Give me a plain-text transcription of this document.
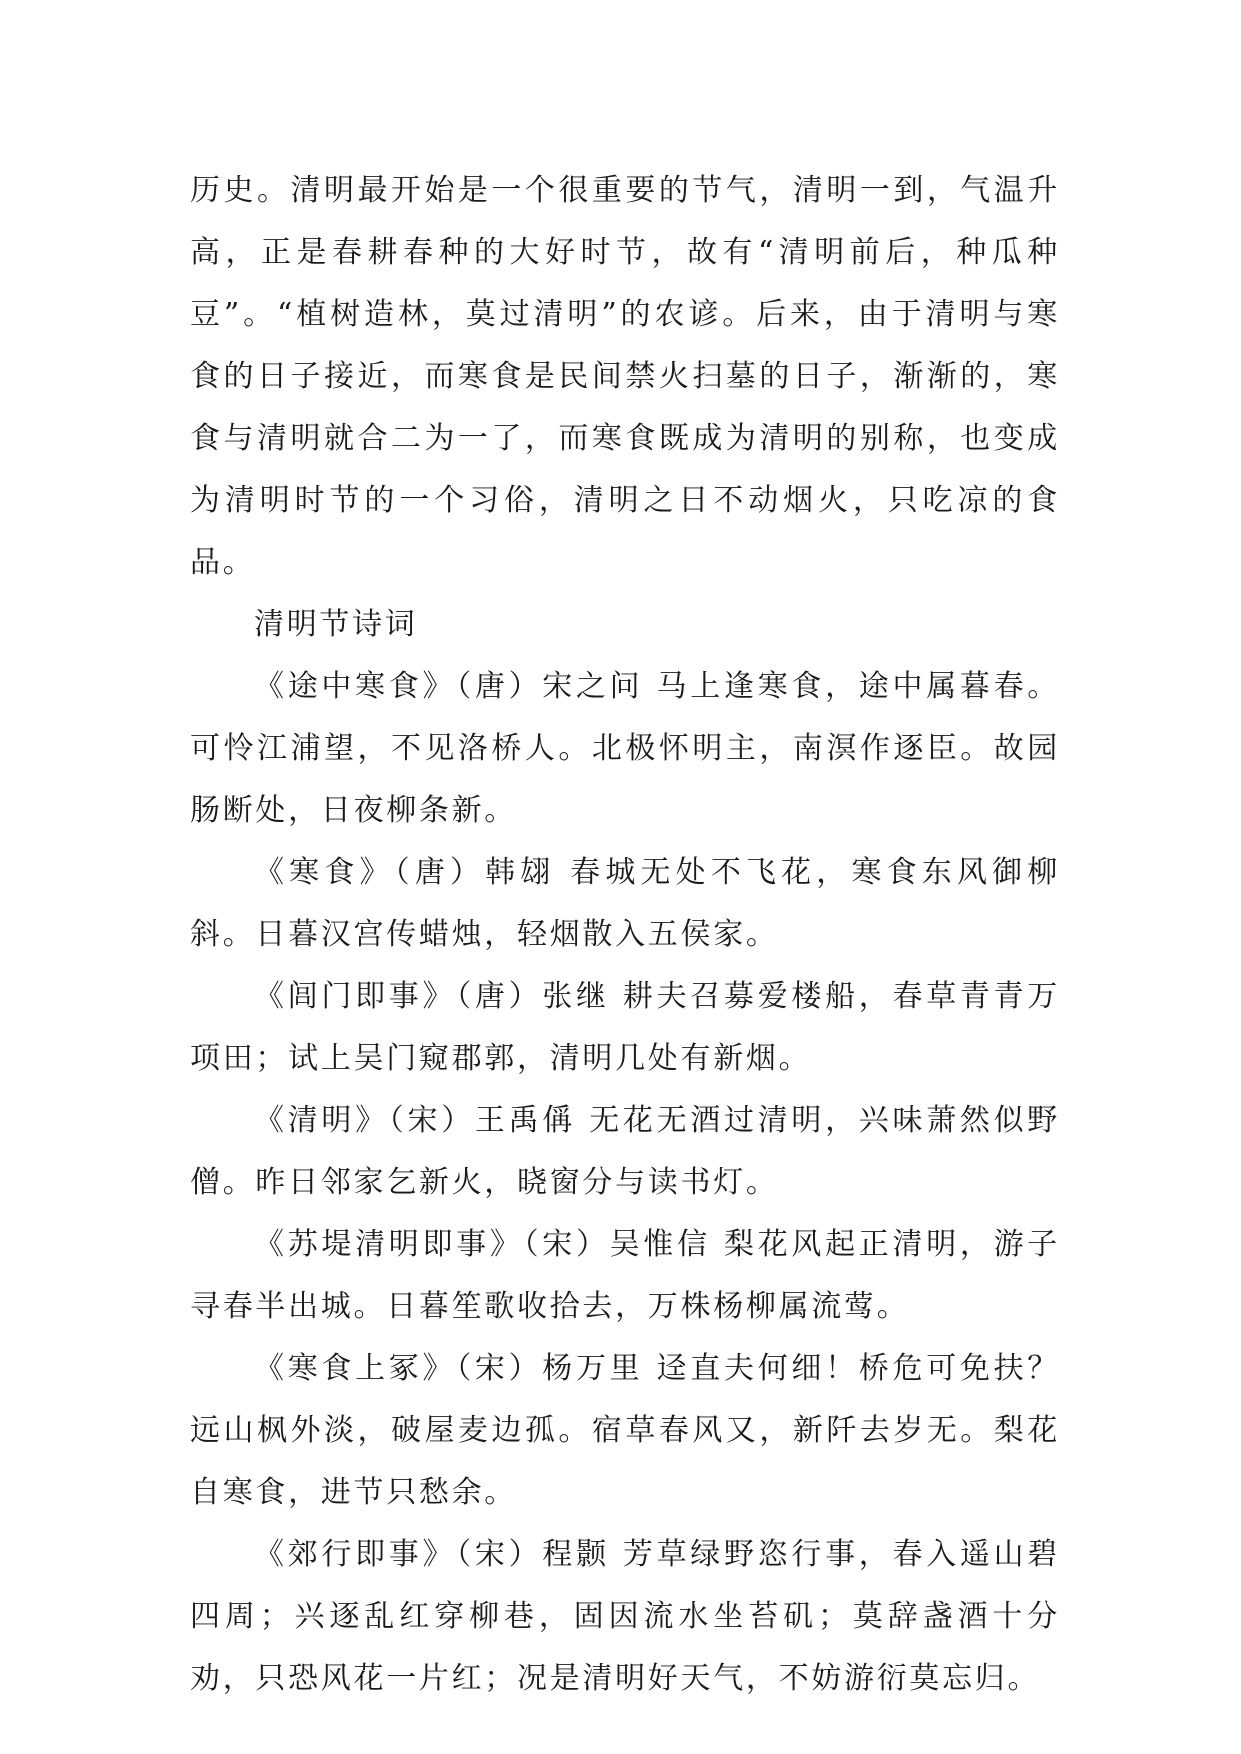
历史。清明最开始是一个很重要的节气，清明一到，气温升高，正是春耕春种的大好时节，故有“清明前后，种瓜种豆”。“植树造林，莫过清明”的农谚。后来，由于清明与寒食的日子接近，而寒食是民间禁火扫墓的日子，渐渐的，寒食与清明就合二为一了，而寒食既成为清明的别称，也变成为清明时节的一个习俗，清明之日不动烟火，只吃凉的食品。

清明节诗词

《途中寒食》（唐）宋之问 马上逢寒食，途中属暮春。可怜江浦望，不见洛桥人。北极怀明主，南溟作逐臣。故园肠断处，日夜柳条新。

《寒食》（唐）韩翃 春城无处不飞花，寒食东风御柳斜。日暮汉宫传蜡烛，轻烟散入五侯家。

《闾门即事》（唐）张继 耕夫召募爱楼船，春草青青万项田；试上吴门窥郡郭，清明几处有新烟。

《清明》（宋）王禹偁 无花无酒过清明，兴味萧然似野僧。昨日邻家乞新火，晓窗分与读书灯。

《苏堤清明即事》（宋）吴惟信 梨花风起正清明，游子寻春半出城。日暮笙歌收拾去，万株杨柳属流莺。

《寒食上冢》（宋）杨万里 迳直夫何细！桥危可免扶？远山枫外淡，破屋麦边孤。宿草春风又，新阡去岁无。梨花自寒食，进节只愁余。

《郊行即事》（宋）程颢 芳草绿野恣行事，春入遥山碧四周；兴逐乱红穿柳巷，固因流水坐苔矶；莫辞盏酒十分劝，只恐风花一片红；况是清明好天气，不妨游衍莫忘归。
